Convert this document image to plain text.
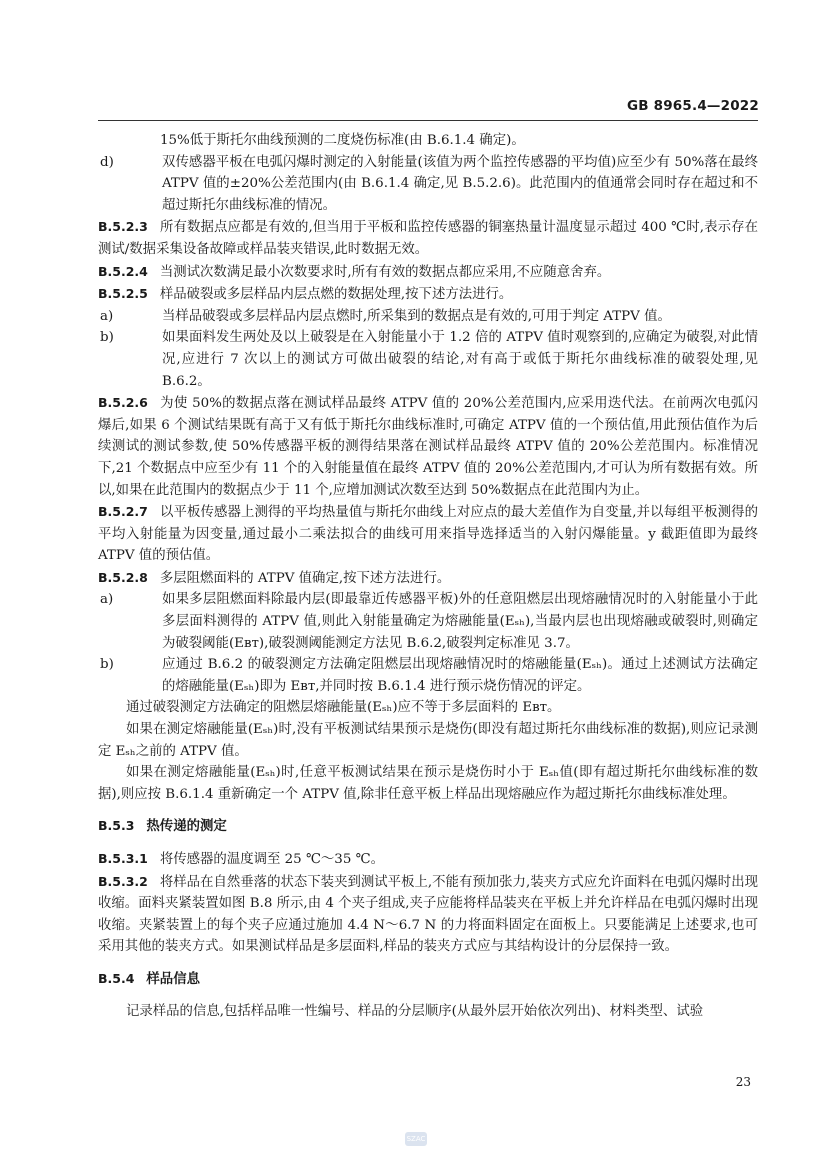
GB 8965.4—2022

15%低于斯托尔曲线预测的二度烧伤标准(由 B.6.1.4 确定)。

d)	双传感器平板在电弧闪爆时测定的入射能量(该值为两个监控传感器的平均值)应至少有 50%落在最终 ATPV 值的±20%公差范围内(由 B.6.1.4 确定,见 B.5.2.6)。此范围内的值通常会同时存在超过和不超过斯托尔曲线标准的情况。

B.5.2.3 所有数据点应都是有效的,但当用于平板和监控传感器的铜塞热量计温度显示超过 400 ℃时,表示存在测试/数据采集设备故障或样品装夹错误,此时数据无效。

B.5.2.4 当测试次数满足最小次数要求时,所有有效的数据点都应采用,不应随意舍弃。

B.5.2.5 样品破裂或多层样品内层点燃的数据处理,按下述方法进行。

a)	当样品破裂或多层样品内层点燃时,所采集到的数据点是有效的,可用于判定 ATPV 值。
b)	如果面料发生两处及以上破裂是在入射能量小于 1.2 倍的 ATPV 值时观察到的,应确定为破裂,对此情况,应进行 7 次以上的测试方可做出破裂的结论,对有高于或低于斯托尔曲线标准的破裂处理,见 B.6.2。

B.5.2.6 为使 50%的数据点落在测试样品最终 ATPV 值的 20%公差范围内,应采用迭代法。在前两次电弧闪爆后,如果 6 个测试结果既有高于又有低于斯托尔曲线标准时,可确定 ATPV 值的一个预估值,用此预估值作为后续测试的测试参数,使 50%传感器平板的测得结果落在测试样品最终 ATPV 值的 20%公差范围内。标准情况下,21 个数据点中应至少有 11 个的入射能量值在最终 ATPV 值的 20%公差范围内,才可认为所有数据有效。所以,如果在此范围内的数据点少于 11 个,应增加测试次数至达到 50%数据点在此范围内为止。

B.5.2.7 以平板传感器上测得的平均热量值与斯托尔曲线上对应点的最大差值作为自变量,并以每组平板测得的平均入射能量为因变量,通过最小二乘法拟合的曲线可用来指导选择适当的入射闪爆能量。y 截距值即为最终 ATPV 值的预估值。

B.5.2.8 多层阻燃面料的 ATPV 值确定,按下述方法进行。

a)	如果多层阻燃面料除最内层(即最靠近传感器平板)外的任意阻燃层出现熔融情况时的入射能量小于此多层面料测得的 ATPV 值,则此入射能量确定为熔融能量(Eₛₕ),当最内层也出现熔融或破裂时,则确定为破裂阈能(Eʙᴛ),破裂测阈能测定方法见 B.6.2,破裂判定标准见 3.7。
b)	应通过 B.6.2 的破裂测定方法确定阻燃层出现熔融情况时的熔融能量(Eₛₕ)。通过上述测试方法确定的熔融能量(Eₛₕ)即为 Eʙᴛ,并同时按 B.6.1.4 进行预示烧伤情况的评定。

通过破裂测定方法确定的阻燃层熔融能量(Eₛₕ)应不等于多层面料的 Eʙᴛ。

如果在测定熔融能量(Eₛₕ)时,没有平板测试结果预示是烧伤(即没有超过斯托尔曲线标准的数据),则应记录测定 Eₛₕ之前的 ATPV 值。

如果在测定熔融能量(Eₛₕ)时,任意平板测试结果在预示是烧伤时小于 Eₛₕ值(即有超过斯托尔曲线标准的数据),则应按 B.6.1.4 重新确定一个 ATPV 值,除非任意平板上样品出现熔融应作为超过斯托尔曲线标准处理。

B.5.3 热传递的测定

B.5.3.1 将传感器的温度调至 25 ℃～35 ℃。

B.5.3.2 将样品在自然垂落的状态下装夹到测试平板上,不能有预加张力,装夹方式应允许面料在电弧闪爆时出现收缩。面料夹紧装置如图 B.8 所示,由 4 个夹子组成,夹子应能将样品装夹在平板上并允许样品在电弧闪爆时出现收缩。夹紧装置上的每个夹子应通过施加 4.4 N～6.7 N 的力将面料固定在面板上。只要能满足上述要求,也可采用其他的装夹方式。如果测试样品是多层面料,样品的装夹方式应与其结构设计的分层保持一致。

B.5.4 样品信息

记录样品的信息,包括样品唯一性编号、样品的分层顺序(从最外层开始依次列出)、材料类型、试验

23
SZAC
